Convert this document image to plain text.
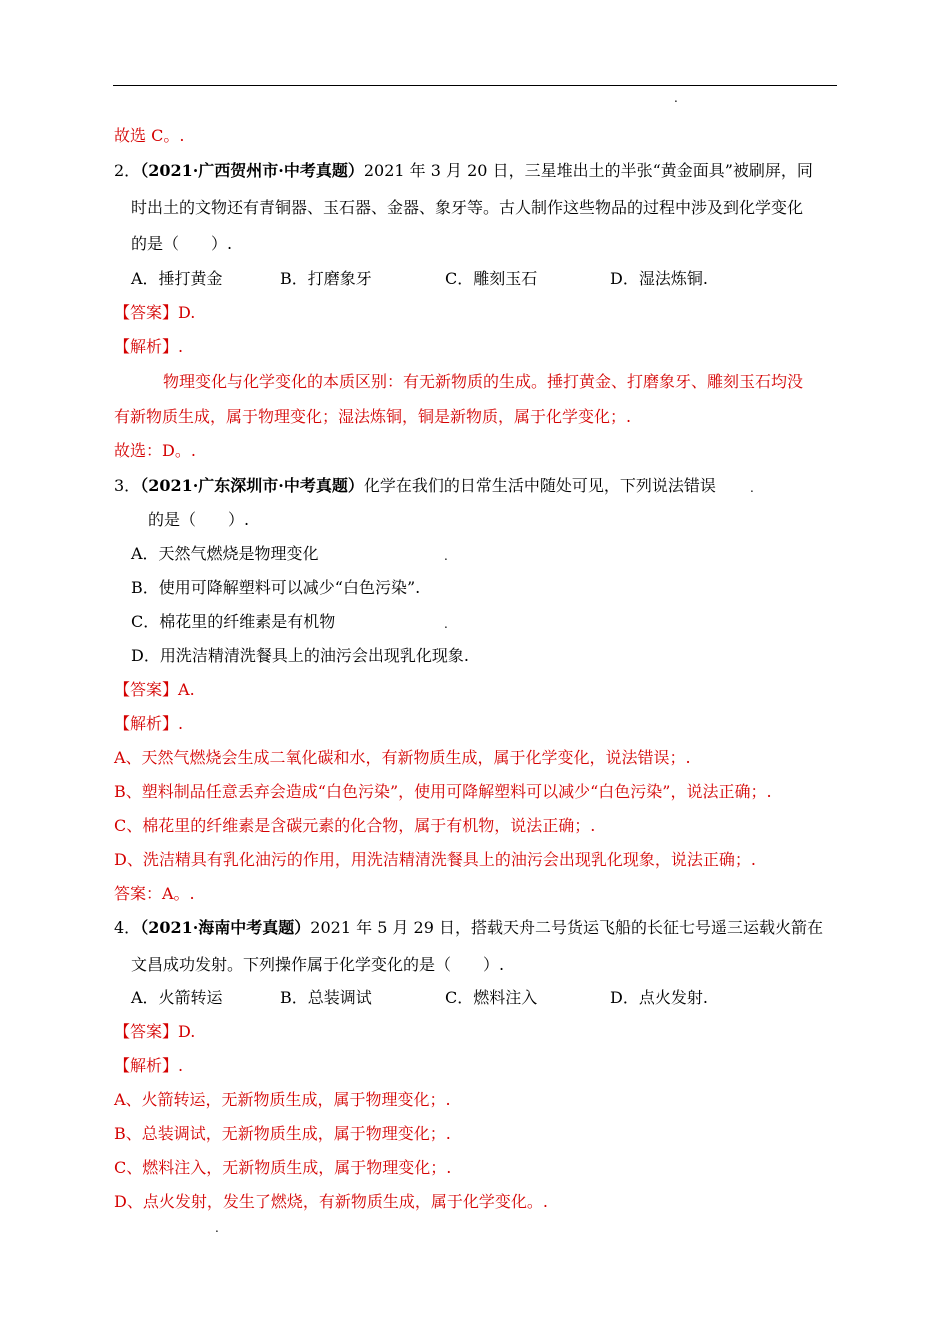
.
故选 C。.
2．（2021·广西贺州市·中考真题）2021 年 3 月 20 日，三星堆出土的半张“黄金面具”被刷屏，同
时出土的文物还有青铜器、玉石器、金器、象牙等。古人制作这些物品的过程中涉及到化学变化
的是（　　）.
A．捶打黄金	B．打磨象牙	C．雕刻玉石	D．湿法炼铜.
【答案】D.
【解析】.
物理变化与化学变化的本质区别：有无新物质的生成。捶打黄金、打磨象牙、雕刻玉石均没
有新物质生成，属于物理变化；湿法炼铜，铜是新物质，属于化学变化；.
故选：D。.
3．（2021·广东深圳市·中考真题）化学在我们的日常生活中随处可见，下列说法错误	.
的是（　　）.
A．天然气燃烧是物理变化	.
B．使用可降解塑料可以减少“白色污染”.
C．棉花里的纤维素是有机物	.
D．用洗洁精清洗餐具上的油污会出现乳化现象.
【答案】A.
【解析】.
A、天然气燃烧会生成二氧化碳和水，有新物质生成，属于化学变化，说法错误；.
B、塑料制品任意丢弃会造成“白色污染”，使用可降解塑料可以减少“白色污染”，说法正确；.
C、棉花里的纤维素是含碳元素的化合物，属于有机物，说法正确；.
D、洗洁精具有乳化油污的作用，用洗洁精清洗餐具上的油污会出现乳化现象，说法正确；.
答案：A。.
4．（2021·海南中考真题）2021 年 5 月 29 日，搭载天舟二号货运飞船的长征七号遥三运载火箭在
文昌成功发射。下列操作属于化学变化的是（　　）.
A．火箭转运	B．总装调试	C．燃料注入	D．点火发射.
【答案】D.
【解析】.
A、火箭转运，无新物质生成，属于物理变化；.
B、总装调试，无新物质生成，属于物理变化；.
C、燃料注入，无新物质生成，属于物理变化；.
D、点火发射，发生了燃烧，有新物质生成，属于化学变化。.
.
